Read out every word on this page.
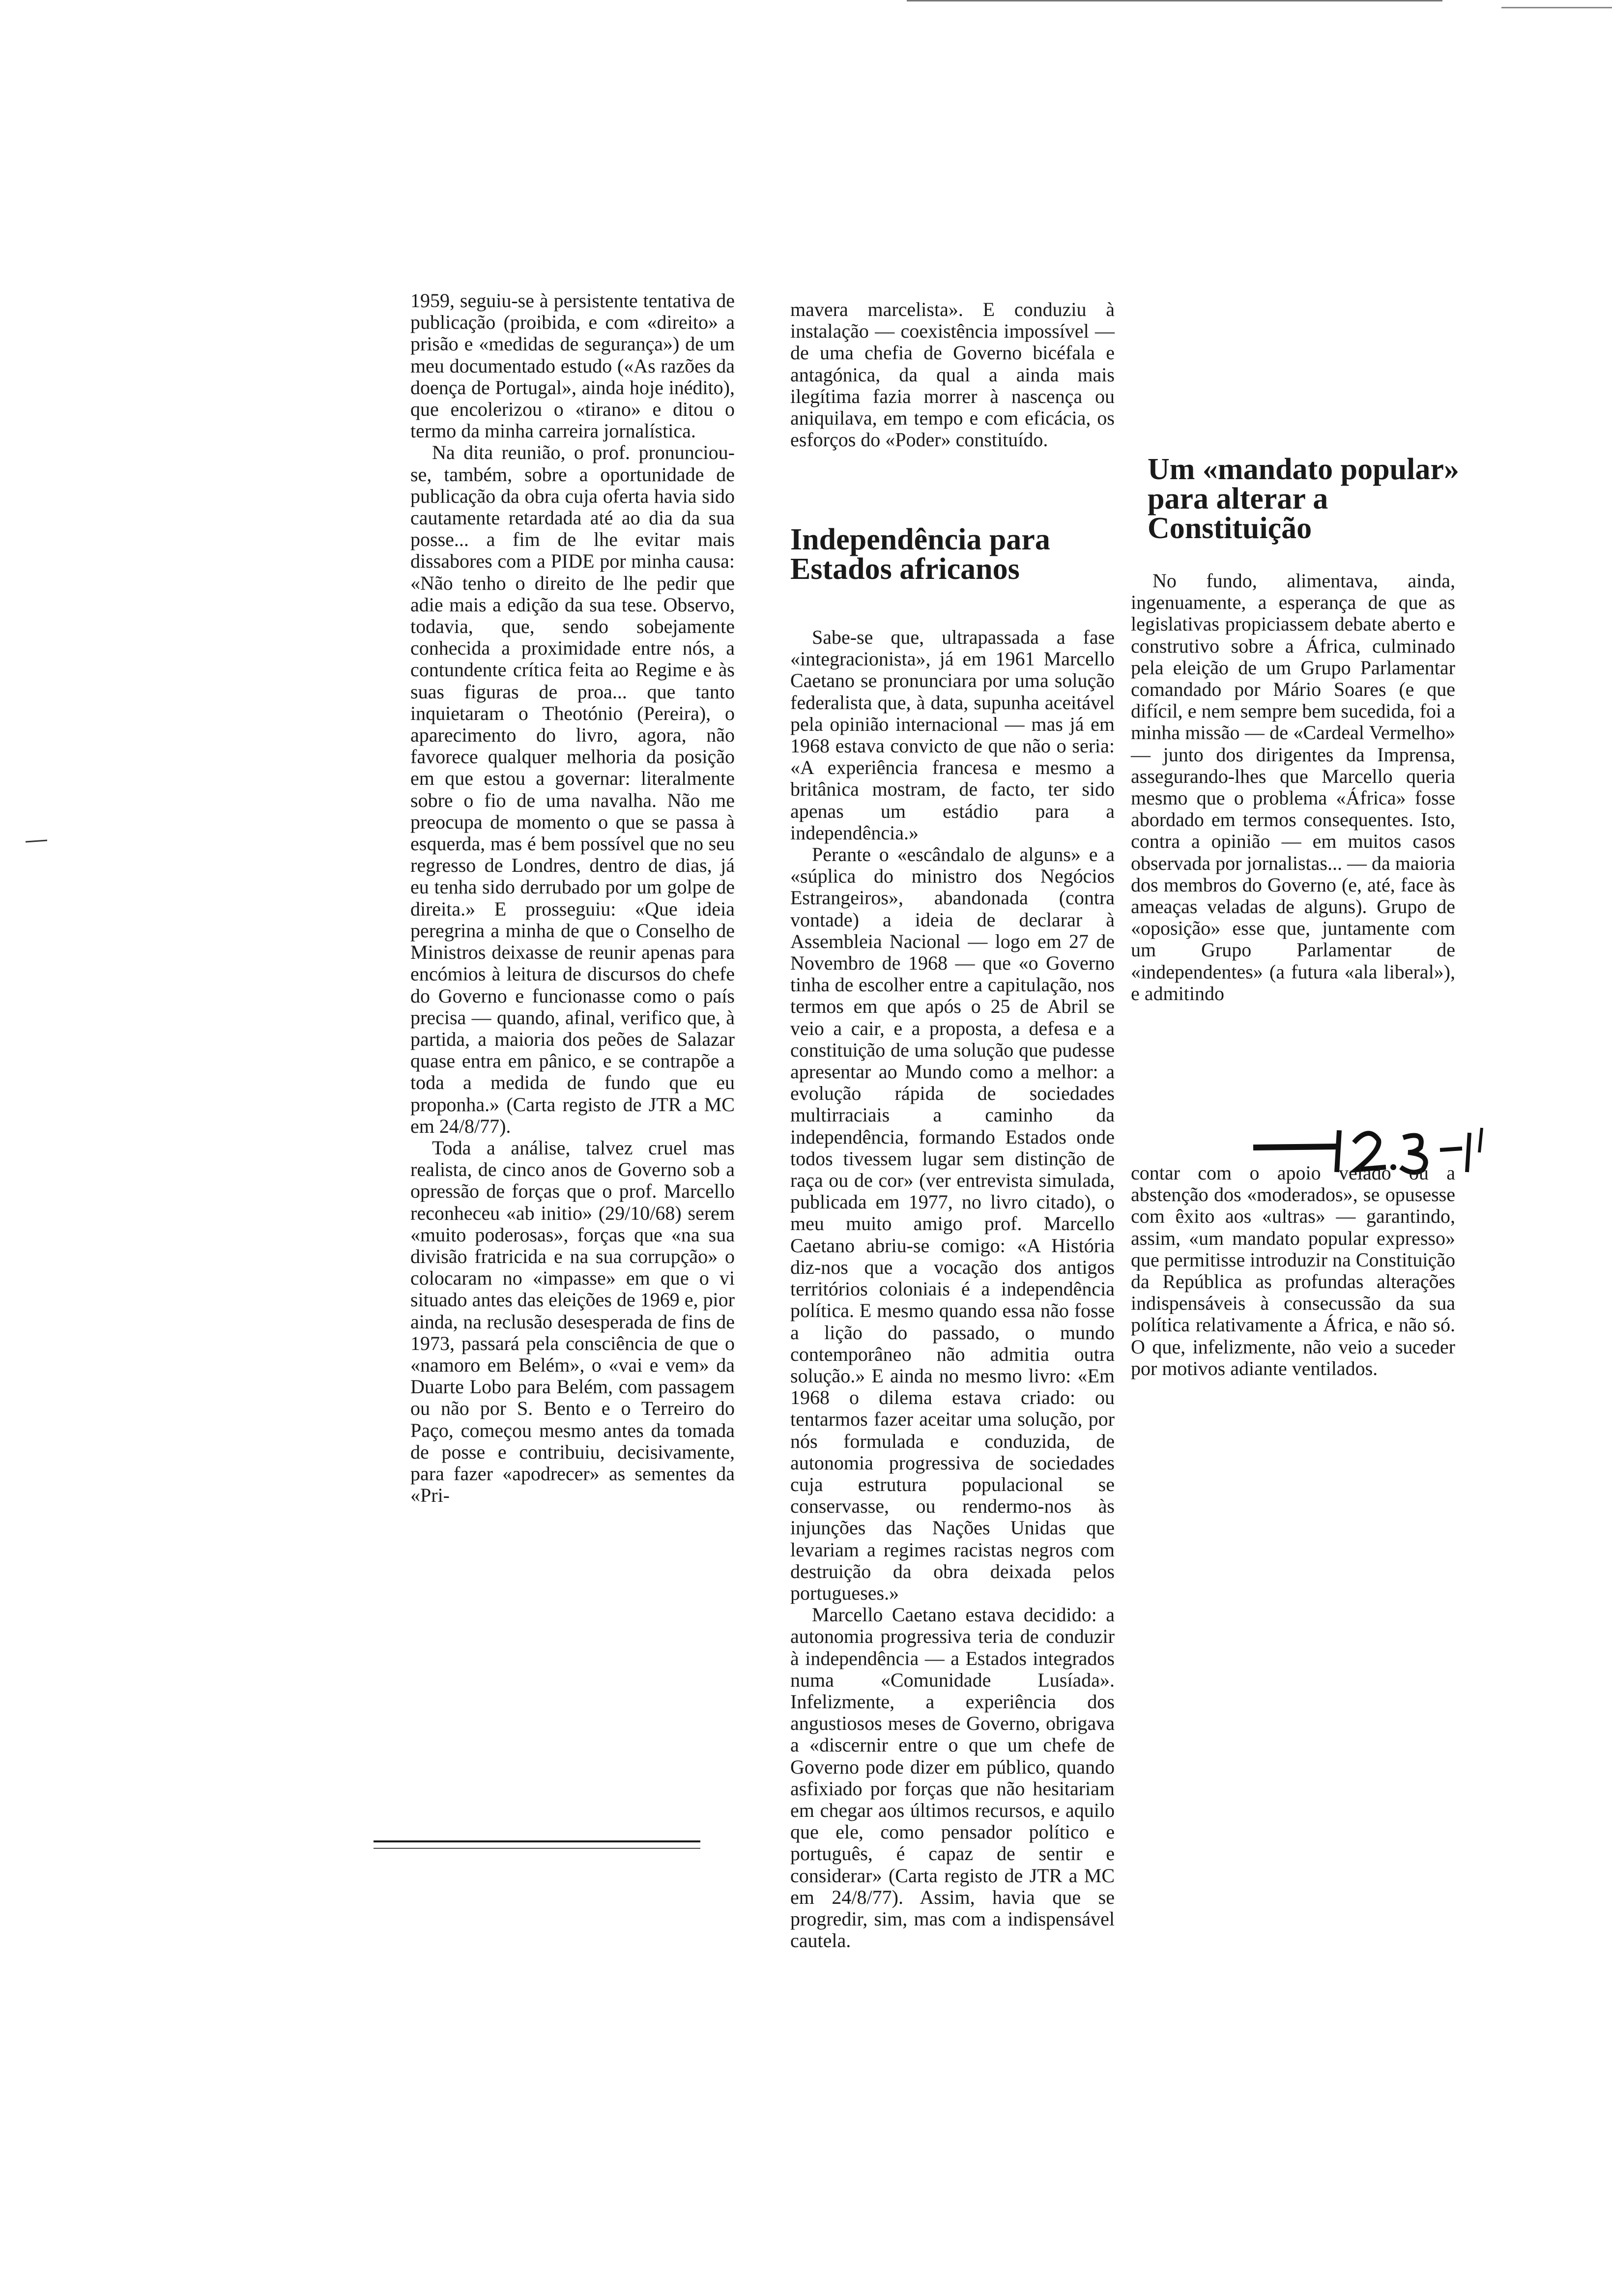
1959, seguiu-se à persistente tentativa de publicação (proibida, e com «direito» a prisão e «medidas de segurança») de um meu documentado estudo («As razões da doença de Portugal», ainda hoje inédito), que encolerizou o «tirano» e ditou o termo da minha carreira jornalística.

Na dita reunião, o prof. pronunciou-se, também, sobre a oportunidade de publicação da obra cuja oferta havia sido cautamente retardada até ao dia da sua posse... a fim de lhe evitar mais dissabores com a PIDE por minha causa: «Não tenho o direito de lhe pedir que adie mais a edição da sua tese. Observo, todavia, que, sendo sobejamente conhecida a proximidade entre nós, a contundente crítica feita ao Regime e às suas figuras de proa... que tanto inquietaram o Theotónio (Pereira), o aparecimento do livro, agora, não favorece qualquer melhoria da posição em que estou a governar: literalmente sobre o fio de uma navalha. Não me preocupa de momento o que se passa à esquerda, mas é bem possível que no seu regresso de Londres, dentro de dias, já eu tenha sido derrubado por um golpe de direita.» E prosseguiu: «Que ideia peregrina a minha de que o Conselho de Ministros deixasse de reunir apenas para encómios à leitura de discursos do chefe do Governo e funcionasse como o país precisa — quando, afinal, verifico que, à partida, a maioria dos peões de Salazar quase entra em pânico, e se contrapõe a toda a medida de fundo que eu proponha.» (Carta registo de JTR a MC em 24/8/77).

Toda a análise, talvez cruel mas realista, de cinco anos de Governo sob a opressão de forças que o prof. Marcello reconheceu «ab initio» (29/10/68) serem «muito poderosas», forças que «na sua divisão fratricida e na sua corrupção» o colocaram no «impasse» em que o vi situado antes das eleições de 1969 e, pior ainda, na reclusão desesperada de fins de 1973, passará pela consciência de que o «namoro em Belém», o «vai e vem» da Duarte Lobo para Belém, com passagem ou não por S. Bento e o Terreiro do Paço, começou mesmo antes da tomada de posse e contribuiu, decisivamente, para fazer «apodrecer» as sementes da «Pri-

mavera marcelista». E conduziu à instalação — coexistência impossível — de uma chefia de Governo bicéfala e antagónica, da qual a ainda mais ilegítima fazia morrer à nascença ou aniquilava, em tempo e com eficácia, os esforços do «Poder» constituído.

Independência para Estados africanos

Sabe-se que, ultrapassada a fase «integracionista», já em 1961 Marcello Caetano se pronunciara por uma solução federalista que, à data, supunha aceitável pela opinião internacional — mas já em 1968 estava convicto de que não o seria: «A experiência francesa e mesmo a britânica mostram, de facto, ter sido apenas um estádio para a independência.»

Perante o «escândalo de alguns» e a «súplica do ministro dos Negócios Estrangeiros», abandonada (contra vontade) a ideia de declarar à Assembleia Nacional — logo em 27 de Novembro de 1968 — que «o Governo tinha de escolher entre a capitulação, nos termos em que após o 25 de Abril se veio a cair, e a proposta, a defesa e a constituição de uma solução que pudesse apresentar ao Mundo como a melhor: a evolução rápida de sociedades multirraciais a caminho da independência, formando Estados onde todos tivessem lugar sem distinção de raça ou de cor» (ver entrevista simulada, publicada em 1977, no livro citado), o meu muito amigo prof. Marcello Caetano abriu-se comigo: «A História diz-nos que a vocação dos antigos territórios coloniais é a independência política. E mesmo quando essa não fosse a lição do passado, o mundo contemporâneo não admitia outra solução.» E ainda no mesmo livro: «Em 1968 o dilema estava criado: ou tentarmos fazer aceitar uma solução, por nós formulada e conduzida, de autonomia progressiva de sociedades cuja estrutura populacional se conservasse, ou rendermo-nos às injunções das Nações Unidas que levariam a regimes racistas negros com destruição da obra deixada pelos portugueses.»

Marcello Caetano estava decidido: a autonomia progressiva teria de conduzir à independência — a Estados integrados numa «Comunidade Lusíada». Infelizmente, a experiência dos angustiosos meses de Governo, obrigava a «discernir entre o que um chefe de Governo pode dizer em público, quando asfixiado por forças que não hesitariam em chegar aos últimos recursos, e aquilo que ele, como pensador político e português, é capaz de sentir e considerar» (Carta registo de JTR a MC em 24/8/77). Assim, havia que se progredir, sim, mas com a indispensável cautela.

Um «mandato popular» para alterar a Constituição

No fundo, alimentava, ainda, ingenuamente, a esperança de que as legislativas propiciassem debate aberto e construtivo sobre a África, culminado pela eleição de um Grupo Parlamentar comandado por Mário Soares (e que difícil, e nem sempre bem sucedida, foi a minha missão — de «Cardeal Vermelho» — junto dos dirigentes da Imprensa, assegurando-lhes que Marcello queria mesmo que o problema «África» fosse abordado em termos consequentes. Isto, contra a opinião — em muitos casos observada por jornalistas... — da maioria dos membros do Governo (e, até, face às ameaças veladas de alguns). Grupo de «oposição» esse que, juntamente com um Grupo Parlamentar de «independentes» (a futura «ala liberal»), e admitindo

contar com o apoio velado ou a abstenção dos «moderados», se opusesse com êxito aos «ultras» — garantindo, assim, «um mandato popular expresso» que permitisse introduzir na Constituição da República as profundas alterações indispensáveis à consecussão da sua política relativamente a África, e não só. O que, infelizmente, não veio a suceder por motivos adiante ventilados.
